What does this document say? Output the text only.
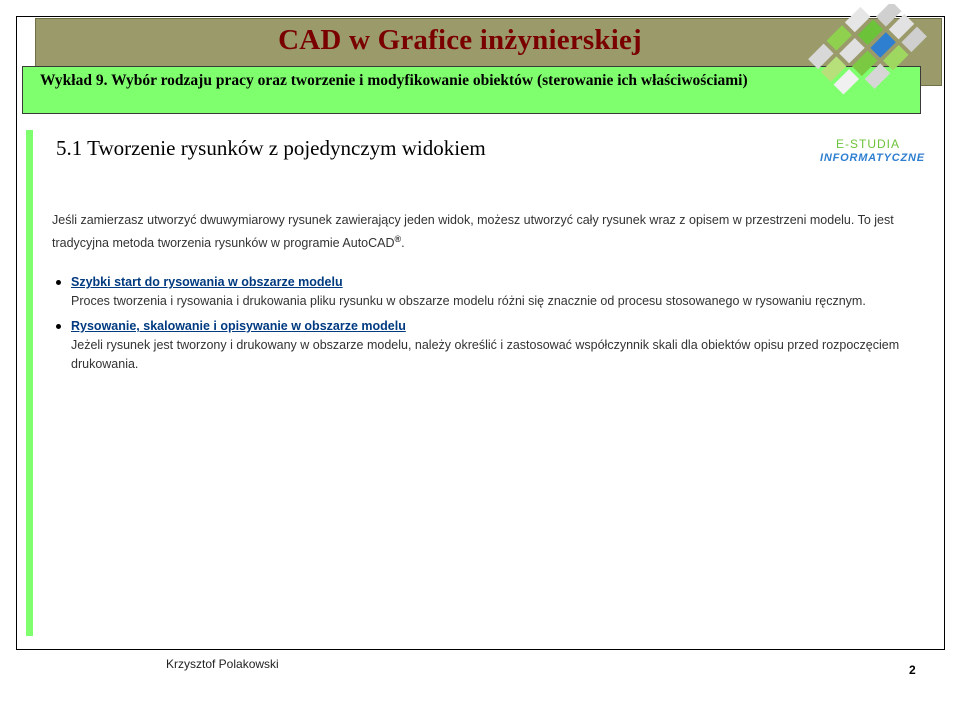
CAD w Grafice inżynierskiej
Wykład 9. Wybór rodzaju pracy oraz tworzenie i modyfikowanie obiektów (sterowanie ich właściwościami)
E-STUDIA
INFORMATYCZNE
5.1 Tworzenie rysunków z pojedynczym widokiem

Jeśli zamierzasz utworzyć dwuwymiarowy rysunek zawierający jeden widok, możesz utworzyć cały rysunek wraz z opisem w przestrzeni modelu. To jest tradycyjna metoda tworzenia rysunków w programie AutoCAD®.

Szybki start do rysowania w obszarze modelu
Proces tworzenia i rysowania i drukowania pliku rysunku w obszarze modelu różni się znacznie od procesu stosowanego w rysowaniu ręcznym.
Rysowanie, skalowanie i opisywanie w obszarze modelu
Jeżeli rysunek jest tworzony i drukowany w obszarze modelu, należy określić i zastosować współczynnik skali dla obiektów opisu przed rozpoczęciem drukowania.
Krzysztof Polakowski	2
